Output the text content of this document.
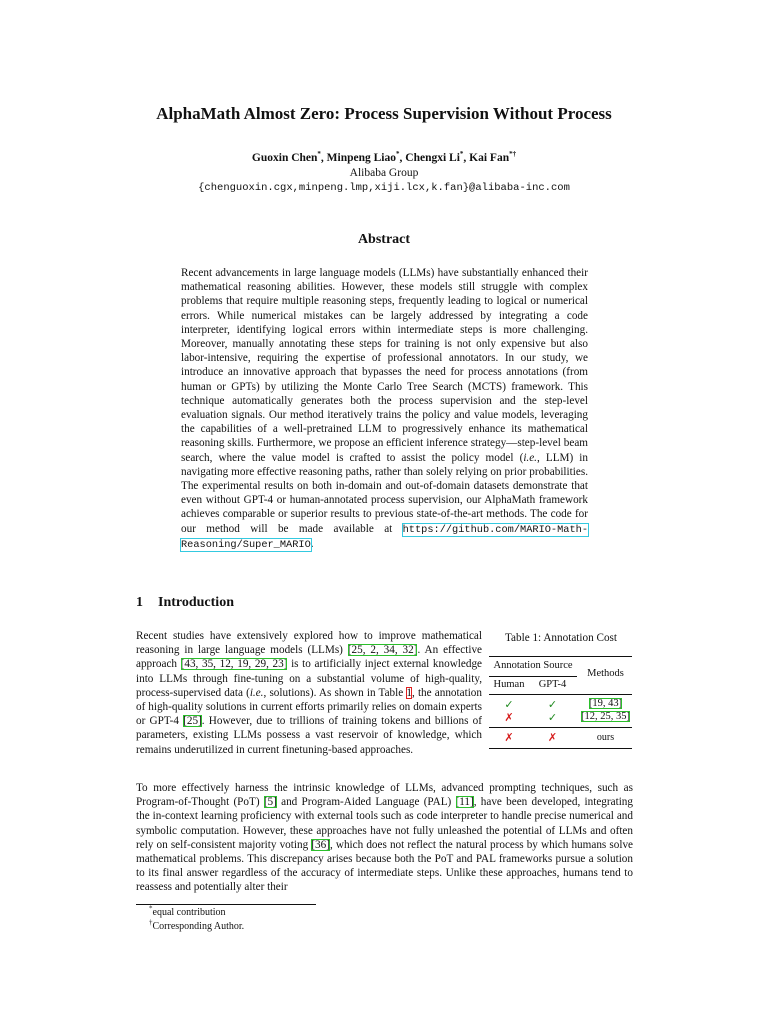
AlphaMath Almost Zero: Process Supervision Without Process
Guoxin Chen*, Minpeng Liao*, Chengxi Li*, Kai Fan*†
Alibaba Group
{chenguoxin.cgx,minpeng.lmp,xiji.lcx,k.fan}@alibaba-inc.com
Abstract
Recent advancements in large language models (LLMs) have substantially enhanced their mathematical reasoning abilities. However, these models still struggle with complex problems that require multiple reasoning steps, frequently leading to logical or numerical errors. While numerical mistakes can be largely addressed by integrating a code interpreter, identifying logical errors within intermediate steps is more challenging. Moreover, manually annotating these steps for training is not only expensive but also labor-intensive, requiring the expertise of professional annotators. In our study, we introduce an innovative approach that bypasses the need for process annotations (from human or GPTs) by utilizing the Monte Carlo Tree Search (MCTS) framework. This technique automatically generates both the process supervision and the step-level evaluation signals. Our method iteratively trains the policy and value models, leveraging the capabilities of a well-pretrained LLM to progressively enhance its mathematical reasoning skills. Furthermore, we propose an efficient inference strategy—step-level beam search, where the value model is crafted to assist the policy model (i.e., LLM) in navigating more effective reasoning paths, rather than solely relying on prior probabilities. The experimental results on both in-domain and out-of-domain datasets demonstrate that even without GPT-4 or human-annotated process supervision, our AlphaMath framework achieves comparable or superior results to previous state-of-the-art methods. The code for our method will be made available at https://github.com/MARIO-Math-Reasoning/Super_MARIO.
1 Introduction
Recent studies have extensively explored how to improve mathematical reasoning in large language models (LLMs) [25, 2, 34, 32]. An effective approach [43, 35, 12, 19, 29, 23] is to artificially inject external knowledge into LLMs through fine-tuning on a substantial volume of high-quality, process-supervised data (i.e., solutions). As shown in Table 1, the annotation of high-quality solutions in current efforts primarily relies on domain experts or GPT-4 [25]. However, due to trillions of training tokens and billions of parameters, existing LLMs possess a vast reservoir of knowledge, which remains underutilized in current finetuning-based approaches.
Table 1: Annotation Cost
Annotation Source
Methods
Human	GPT-4
✓	✓	[19, 43]
✗	✓	[12, 25, 35]
✗	✗	ours
To more effectively harness the intrinsic knowledge of LLMs, advanced prompting techniques, such as Program-of-Thought (PoT) [5] and Program-Aided Language (PAL) [11], have been developed, integrating the in-context learning proficiency with external tools such as code interpreter to handle precise numerical and symbolic computation. However, these approaches have not fully unleashed the potential of LLMs and often rely on self-consistent majority voting [36], which does not reflect the natural process by which humans solve mathematical problems. This discrepancy arises because both the PoT and PAL frameworks pursue a solution to its final answer regardless of the accuracy of intermediate steps. Unlike these approaches, humans tend to reassess and potentially alter their
*equal contribution
†Corresponding Author.
